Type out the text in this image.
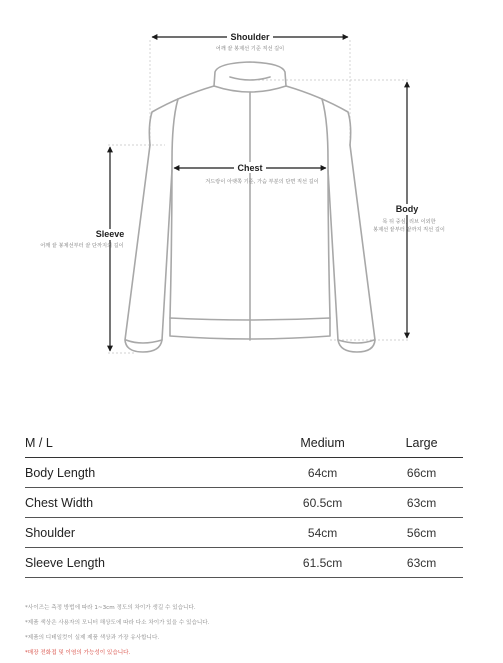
Shoulder
어깨 끝 봉제선 기준 직선 길이
Chest
겨드랑이 아랫쪽 기준, 가슴 부분의 단면 직선 길이
Body
목 뒤 중심, 리브 이외한
봉제선 끝부터 끝까지 직선 길이
Sleeve
어깨 끝 봉제선부터 끝 단까지의 길이
M / L	Medium	Large
Body Length	64cm	66cm
Chest Width	60.5cm	63cm
Shoulder	54cm	56cm
Sleeve Length	61.5cm	63cm
*사이즈는 측정 방법에 따라 1~3cm 정도의 차이가 생길 수 있습니다.
*제품 색상은 사용자의 모니터 해상도에 따라 다소 차이가 있을 수 있습니다.
*제품의 디테일컷이 실제 제품 색상과 가장 유사합니다.
*매장 전화접 및 이염의 가능성이 있습니다.
